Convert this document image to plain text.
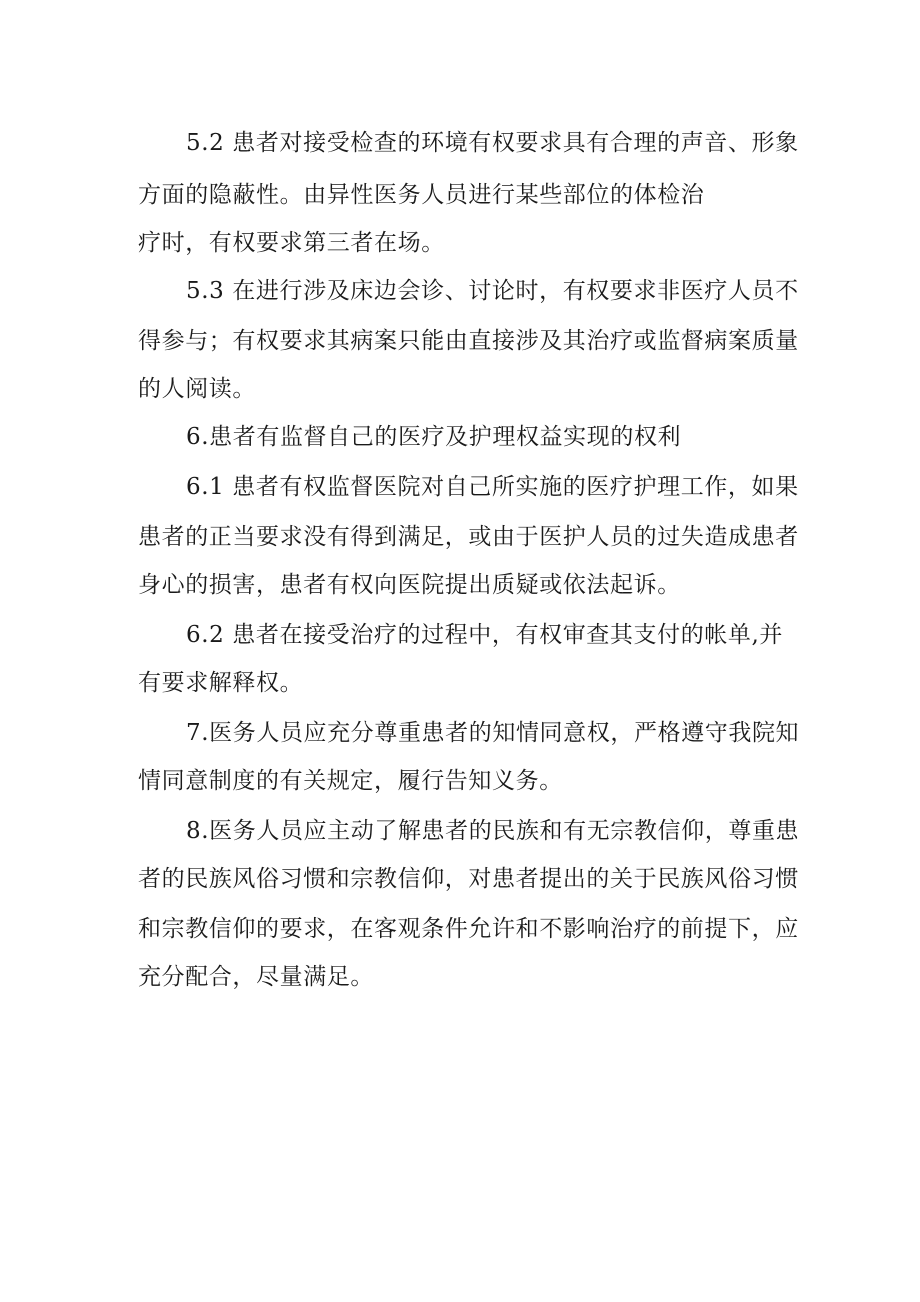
5.2 患者对接受检查的环境有权要求具有合理的声音、形象
方面的隐蔽性。由异性医务人员进行某些部位的体检治
疗时，有权要求第三者在场。
5.3 在进行涉及床边会诊、讨论时，有权要求非医疗人员不
得参与；有权要求其病案只能由直接涉及其治疗或监督病案质量
的人阅读。
6.患者有监督自己的医疗及护理权益实现的权利
6.1 患者有权监督医院对自己所实施的医疗护理工作，如果
患者的正当要求没有得到满足，或由于医护人员的过失造成患者
身心的损害，患者有权向医院提出质疑或依法起诉。
6.2 患者在接受治疗的过程中，有权审查其支付的帐单,并
有要求解释权。
7.医务人员应充分尊重患者的知情同意权，严格遵守我院知
情同意制度的有关规定，履行告知义务。
8.医务人员应主动了解患者的民族和有无宗教信仰，尊重患
者的民族风俗习惯和宗教信仰，对患者提出的关于民族风俗习惯
和宗教信仰的要求，在客观条件允许和不影响治疗的前提下，应
充分配合，尽量满足。
